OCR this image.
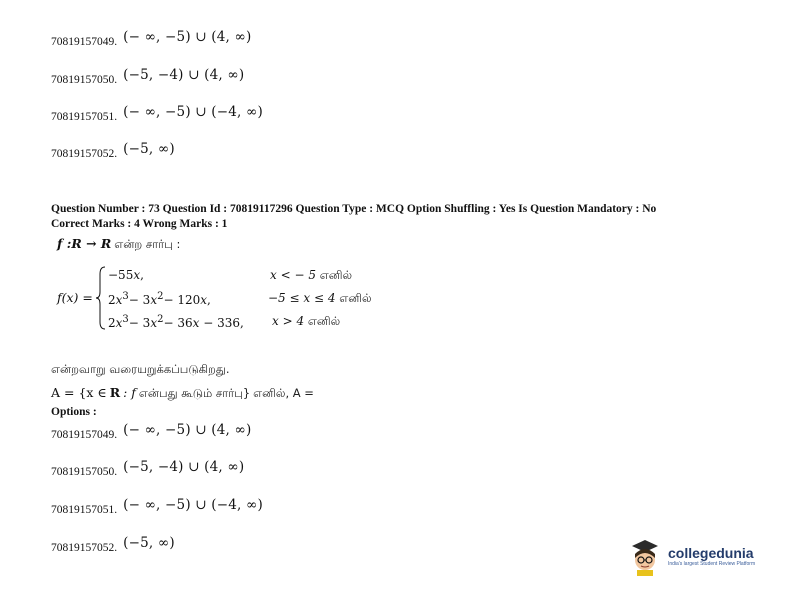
70819157049. (− ∞, −5) ∪ (4, ∞)
70819157050. (−5, −4) ∪ (4, ∞)
70819157051. (− ∞, −5) ∪ (−4, ∞)
70819157052. (−5, ∞)
Question Number : 73 Question Id : 70819117296 Question Type : MCQ Option Shuffling : Yes Is Question Mandatory : No
Correct Marks : 4 Wrong Marks : 1
f :R → R என்ற சார்பு :
f(x) =
−55x,
$2x^3- 3x^2- 120x$,
$2x^3- 3x^2- 36x - 336$,
x < − 5 எனில்
−5 ≤ x ≤ 4 எனில்
x > 4 எனில்
என்றவாறு வரையறுக்கப்படுகிறது.
A = {x ∈ R : f என்பது கூடும் சார்பு} எனில், A =
Options :
70819157049. (− ∞, −5) ∪ (4, ∞)
70819157050. (−5, −4) ∪ (4, ∞)
70819157051. (− ∞, −5) ∪ (−4, ∞)
70819157052. (−5, ∞)
collegedunia
India's largest Student Review Platform
